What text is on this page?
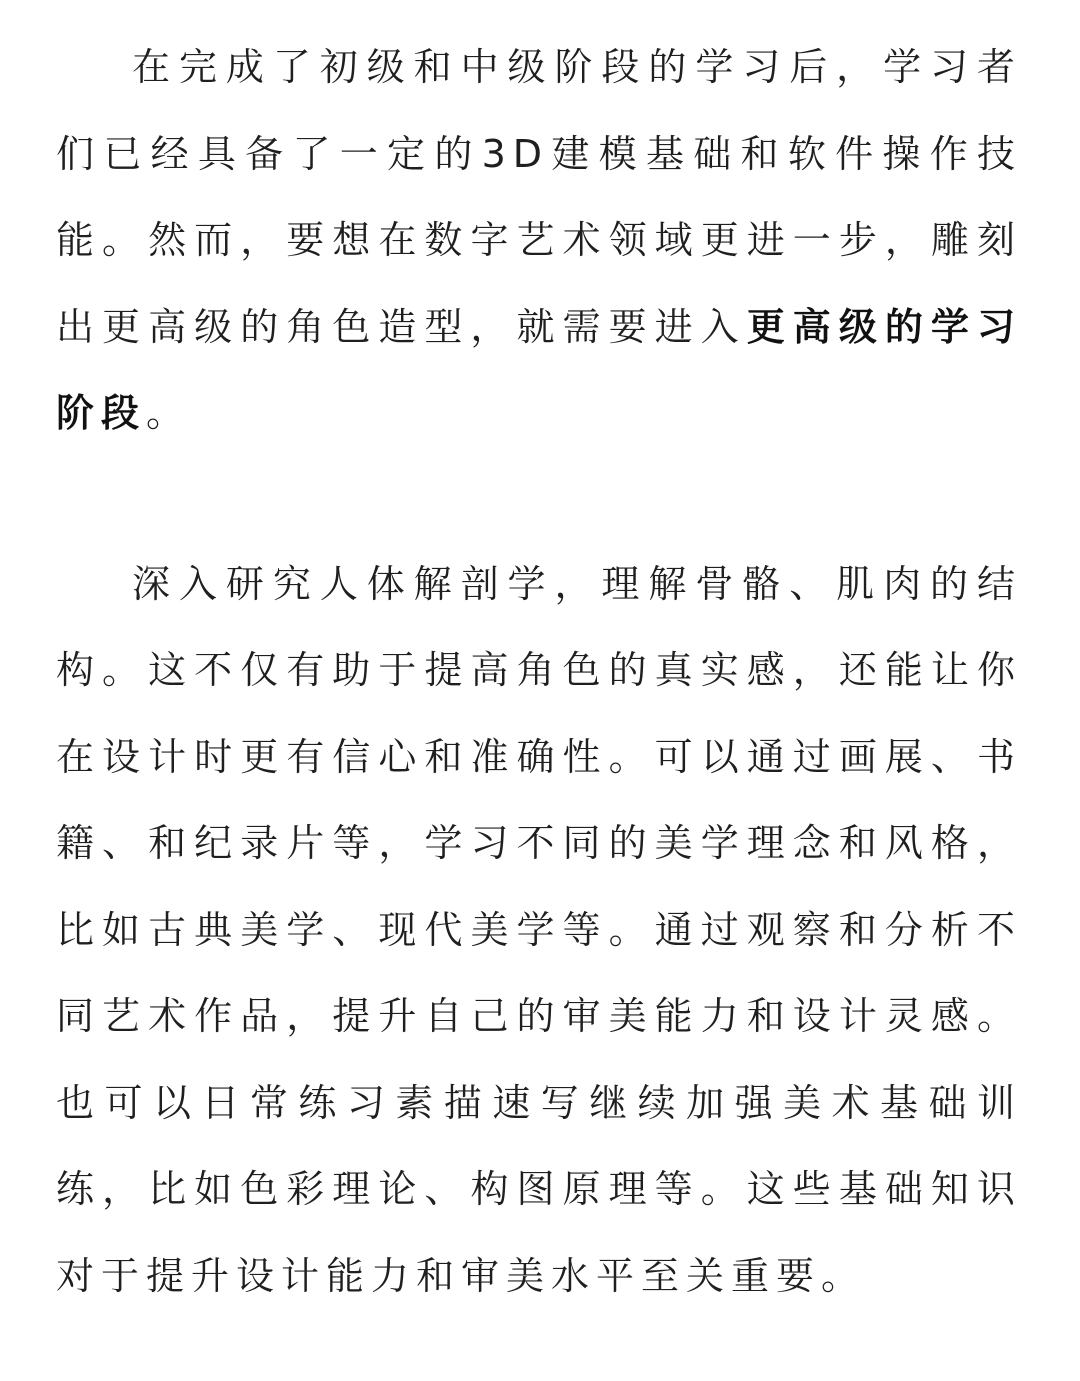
在完成了初级和中级阶段的学习后，学习者们已经具备了一定的3D建模基础和软件操作技能。然而，要想在数字艺术领域更进一步，雕刻出更高级的角色造型，就需要进入更高级的学习阶段。

深入研究人体解剖学，理解骨骼、肌肉的结构。这不仅有助于提高角色的真实感，还能让你在设计时更有信心和准确性。可以通过画展、书籍、和纪录片等，学习不同的美学理念和风格，比如古典美学、现代美学等。通过观察和分析不同艺术作品，提升自己的审美能力和设计灵感。也可以日常练习素描速写继续加强美术基础训练，比如色彩理论、构图原理等。这些基础知识对于提升设计能力和审美水平至关重要。
